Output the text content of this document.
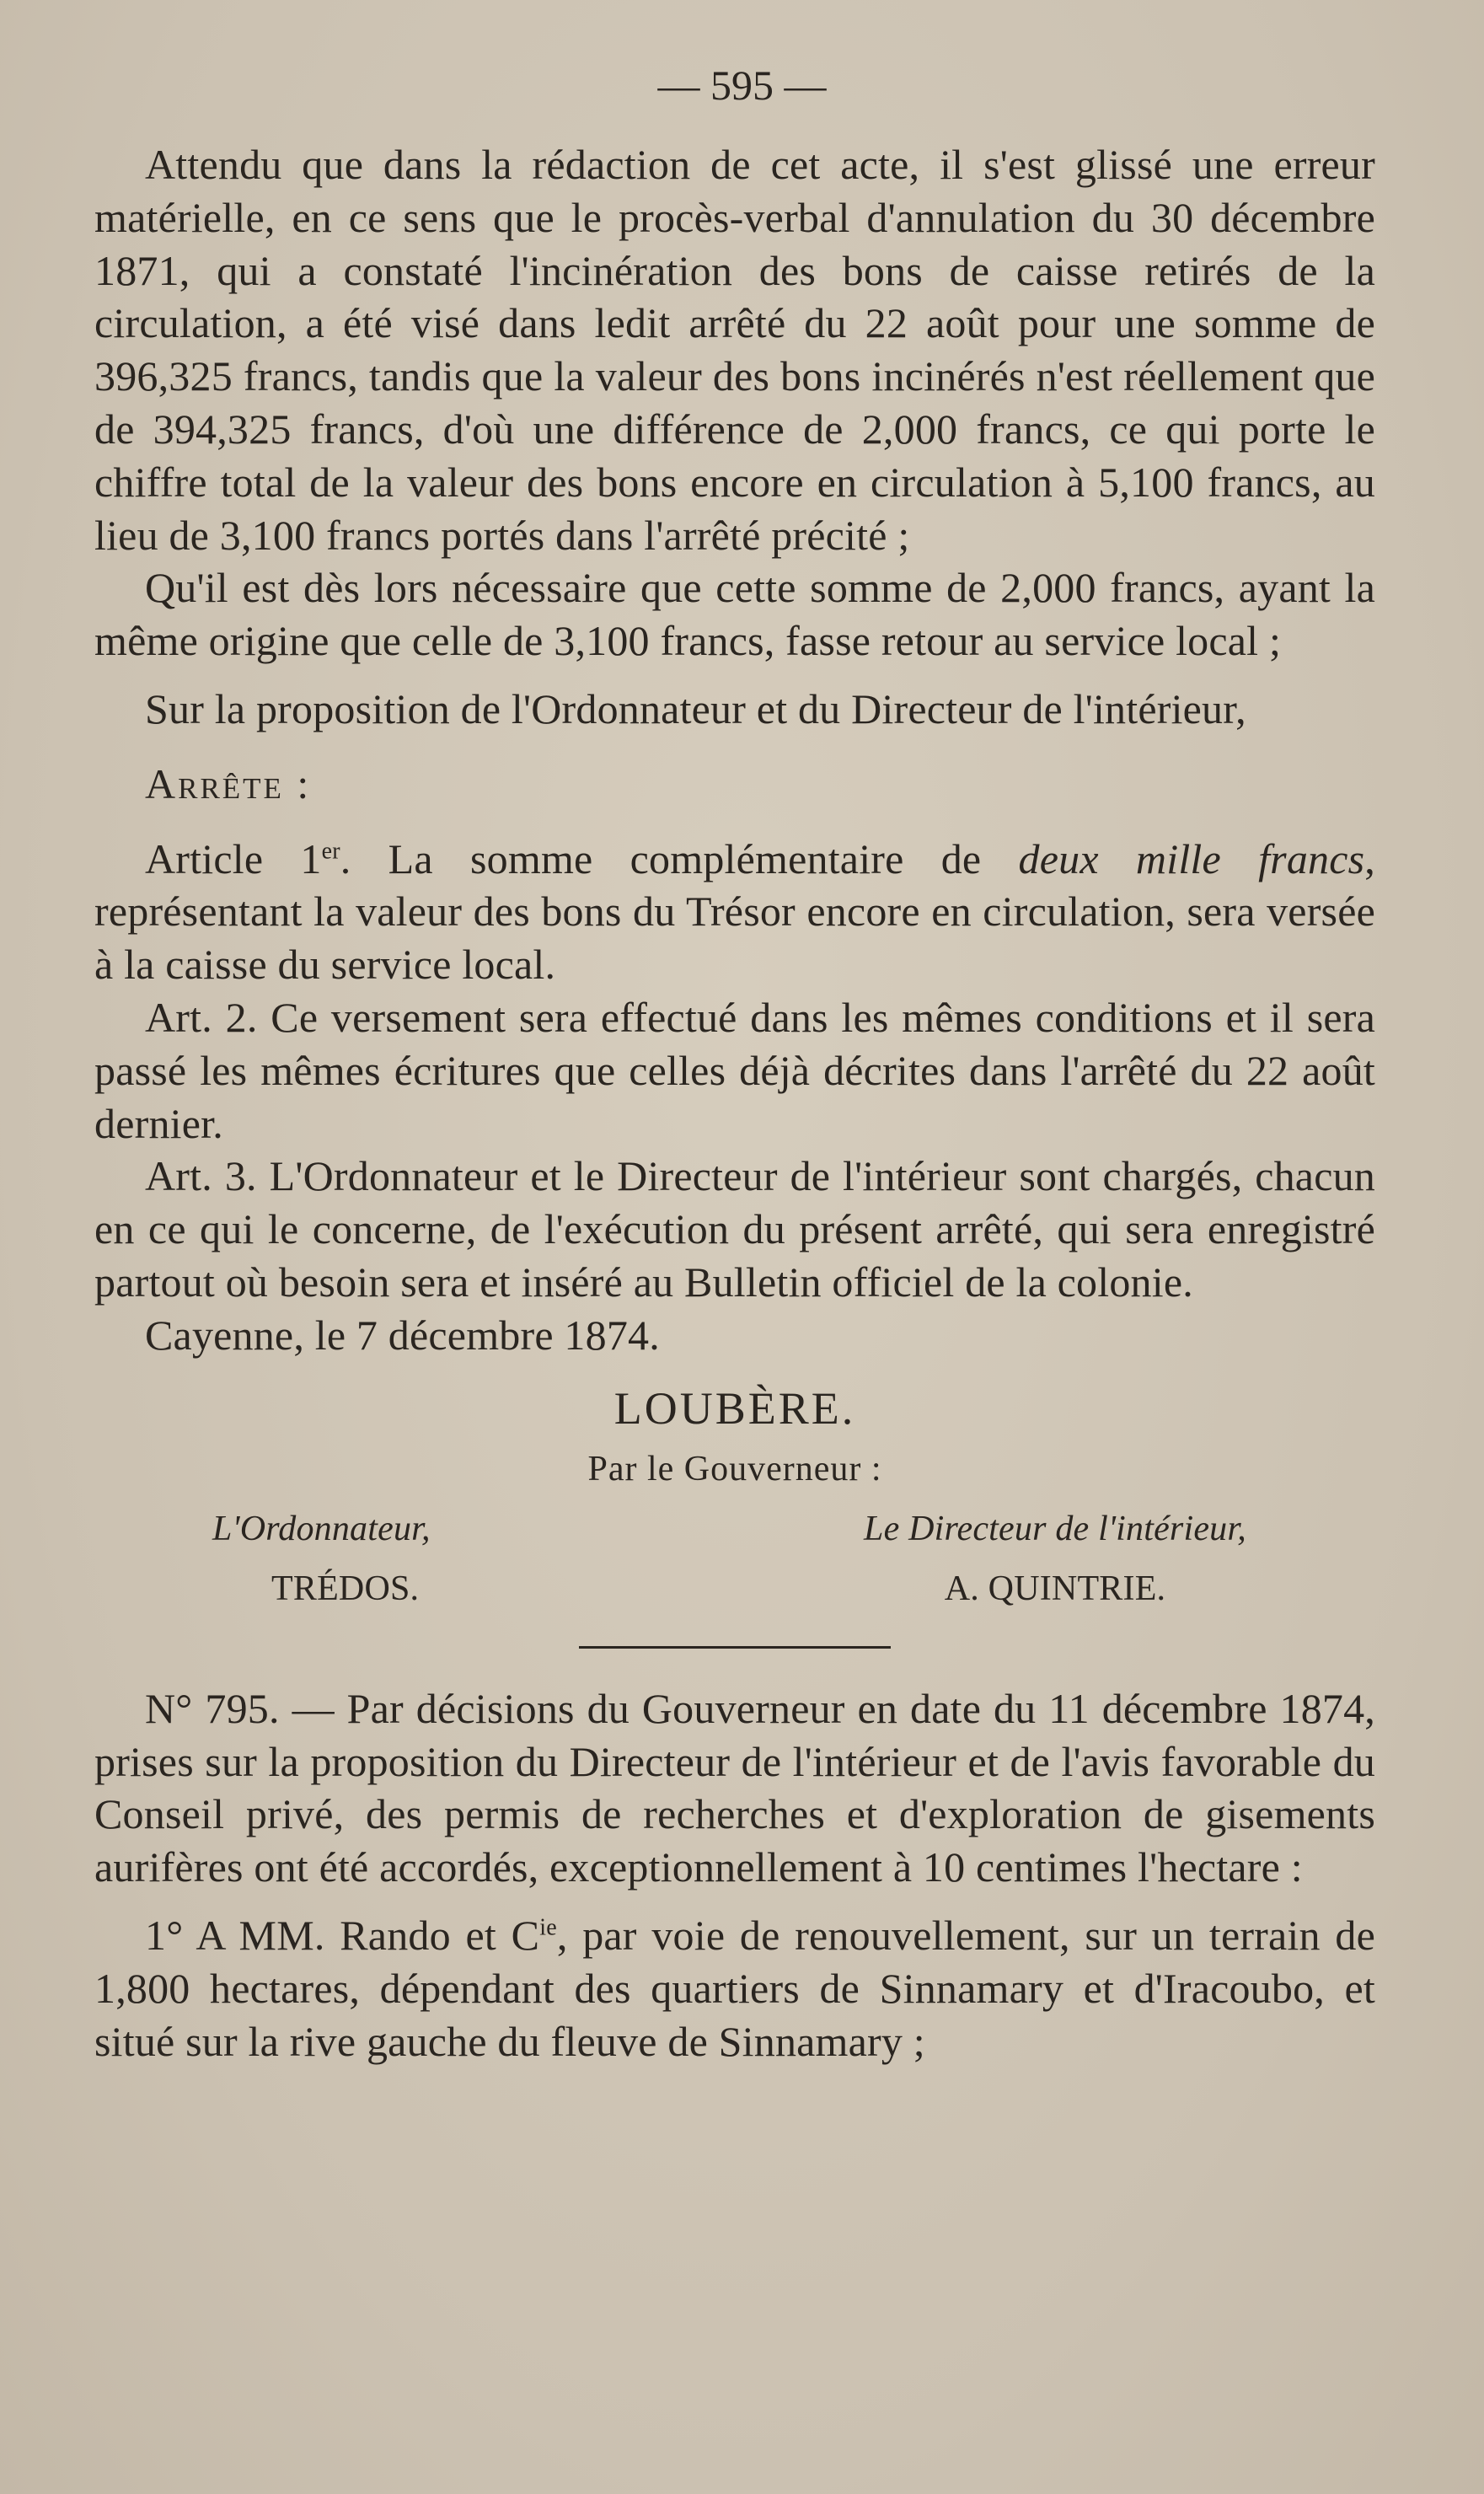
— 595 —

Attendu que dans la rédaction de cet acte, il s'est glissé une erreur matérielle, en ce sens que le procès-verbal d'annulation du 30 décembre 1871, qui a constaté l'incinération des bons de caisse retirés de la circulation, a été visé dans ledit arrêté du 22 août pour une somme de 396,325 francs, tandis que la valeur des bons incinérés n'est réellement que de 394,325 francs, d'où une différence de 2,000 francs, ce qui porte le chiffre total de la valeur des bons encore en circulation à 5,100 francs, au lieu de 3,100 francs portés dans l'arrêté précité ;

Qu'il est dès lors nécessaire que cette somme de 2,000 francs, ayant la même origine que celle de 3,100 francs, fasse retour au service local ;

Sur la proposition de l'Ordonnateur et du Directeur de l'intérieur,

Arrête :

Article 1er. La somme complémentaire de deux mille francs, représentant la valeur des bons du Trésor encore en circulation, sera versée à la caisse du service local.

Art. 2. Ce versement sera effectué dans les mêmes conditions et il sera passé les mêmes écritures que celles déjà décrites dans l'arrêté du 22 août dernier.

Art. 3. L'Ordonnateur et le Directeur de l'intérieur sont chargés, chacun en ce qui le concerne, de l'exécution du présent arrêté, qui sera enregistré partout où besoin sera et inséré au Bulletin officiel de la colonie.

Cayenne, le 7 décembre 1874.

LOUBÈRE.
Par le Gouverneur :
L'Ordonnateur,	Le Directeur de l'intérieur,
TRÉDOS.	A. QUINTRIE.

N° 795. — Par décisions du Gouverneur en date du 11 décembre 1874, prises sur la proposition du Directeur de l'intérieur et de l'avis favorable du Conseil privé, des permis de recherches et d'exploration de gisements aurifères ont été accordés, exceptionnellement à 10 centimes l'hectare :

1° A MM. Rando et $C^{ie}$, par voie de renouvellement, sur un terrain de 1,800 hectares, dépendant des quartiers de Sinnamary et d'Iracoubo, et situé sur la rive gauche du fleuve de Sinnamary ;
